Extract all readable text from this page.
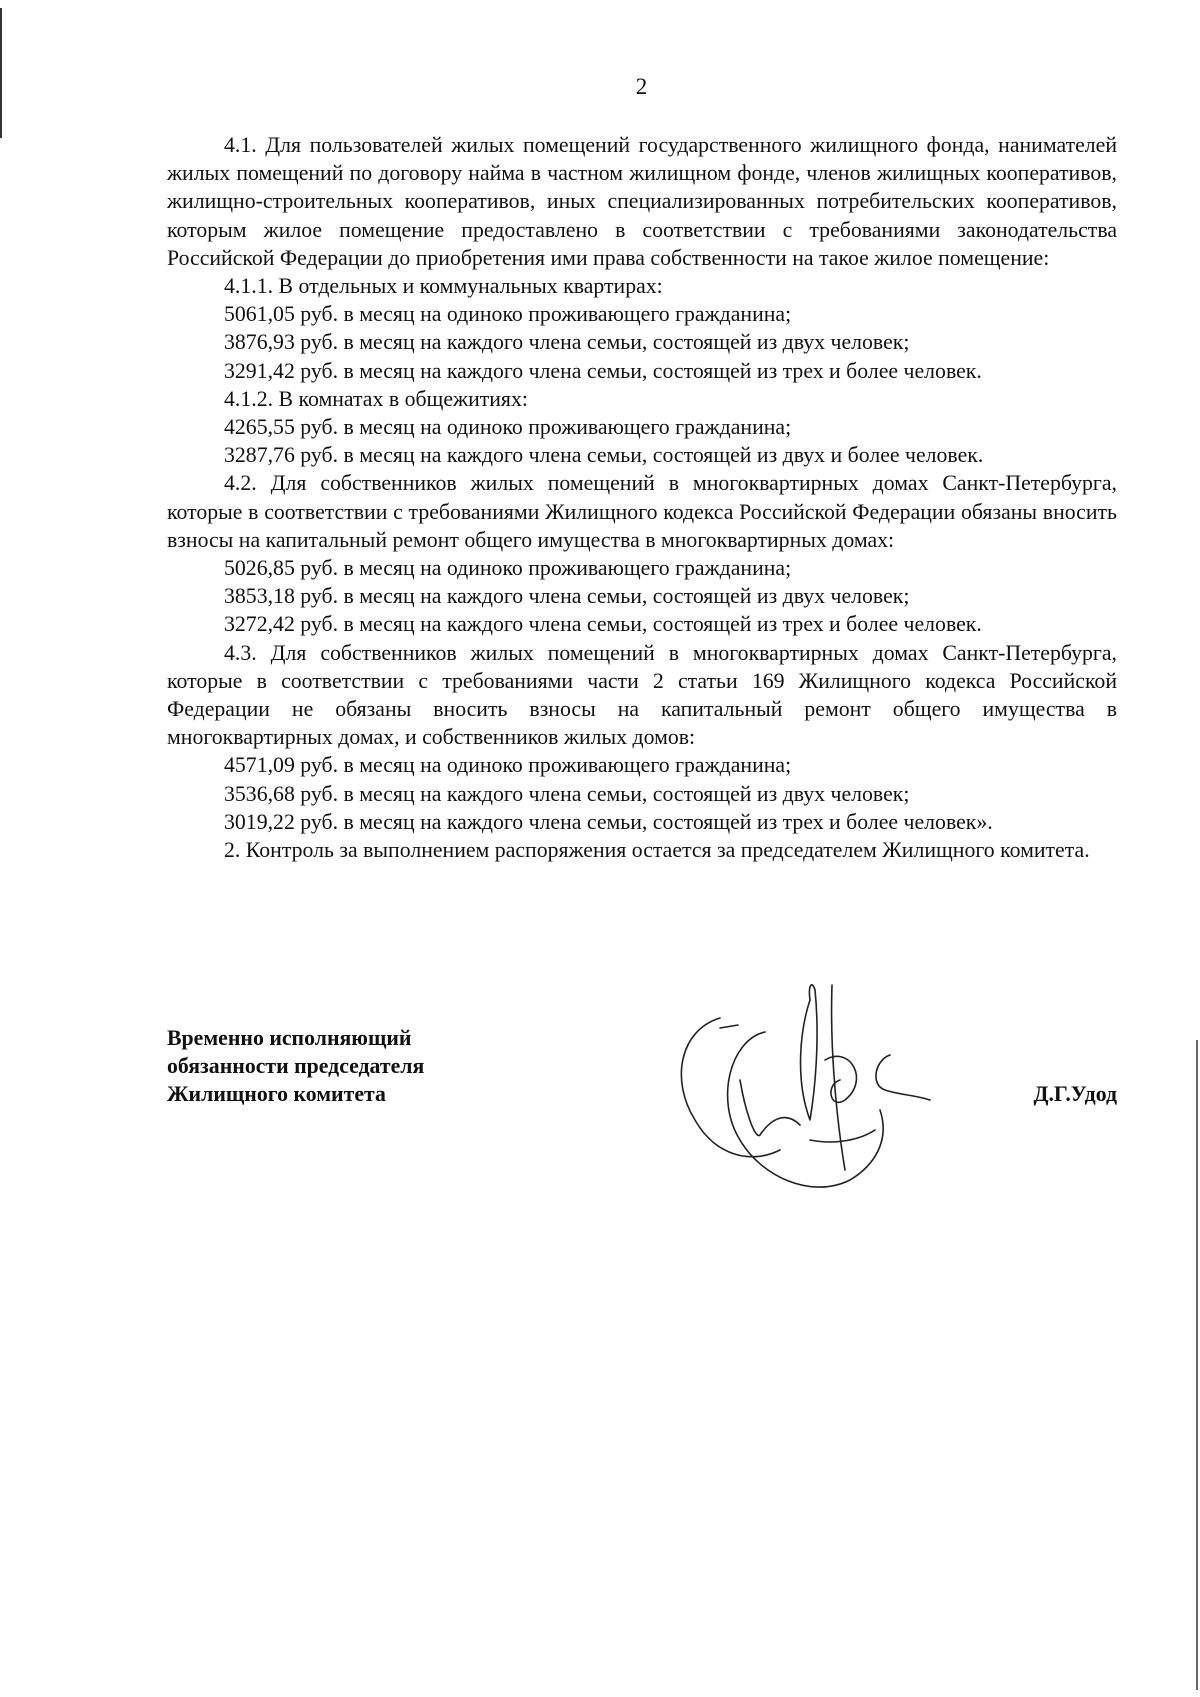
2

4.1. Для пользователей жилых помещений государственного жилищного фонда, нанимателей жилых помещений по договору найма в частном жилищном фонде, членов жилищных кооперативов, жилищно-строительных кооперативов, иных специализированных потребительских кооперативов, которым жилое помещение предоставлено в соответствии с требованиями законодательства Российской Федерации до приобретения ими права собственности на такое жилое помещение:

4.1.1. В отдельных и коммунальных квартирах:

5061,05 руб. в месяц на одиноко проживающего гражданина;

3876,93 руб. в месяц на каждого члена семьи, состоящей из двух человек;

3291,42 руб. в месяц на каждого члена семьи, состоящей из трех и более человек.

4.1.2. В комнатах в общежитиях:

4265,55 руб. в месяц на одиноко проживающего гражданина;

3287,76 руб. в месяц на каждого члена семьи, состоящей из двух и более человек.

4.2. Для собственников жилых помещений в многоквартирных домах Санкт-Петербурга, которые в соответствии с требованиями Жилищного кодекса Российской Федерации обязаны вносить взносы на капитальный ремонт общего имущества в многоквартирных домах:

5026,85 руб. в месяц на одиноко проживающего гражданина;

3853,18 руб. в месяц на каждого члена семьи, состоящей из двух человек;

3272,42 руб. в месяц на каждого члена семьи, состоящей из трех и более человек.

4.3. Для собственников жилых помещений в многоквартирных домах Санкт-Петербурга, которые в соответствии с требованиями части 2 статьи 169 Жилищного кодекса Российской Федерации не обязаны вносить взносы на капитальный ремонт общего имущества в многоквартирных домах, и собственников жилых домов:

4571,09 руб. в месяц на одиноко проживающего гражданина;

3536,68 руб. в месяц на каждого члена семьи, состоящей из двух человек;

3019,22 руб. в месяц на каждого члена семьи, состоящей из трех и более человек».

2. Контроль за выполнением распоряжения остается за председателем Жилищного комитета.

Временно исполняющий
обязанности председателя
Жилищного комитета	Д.Г.Удод
